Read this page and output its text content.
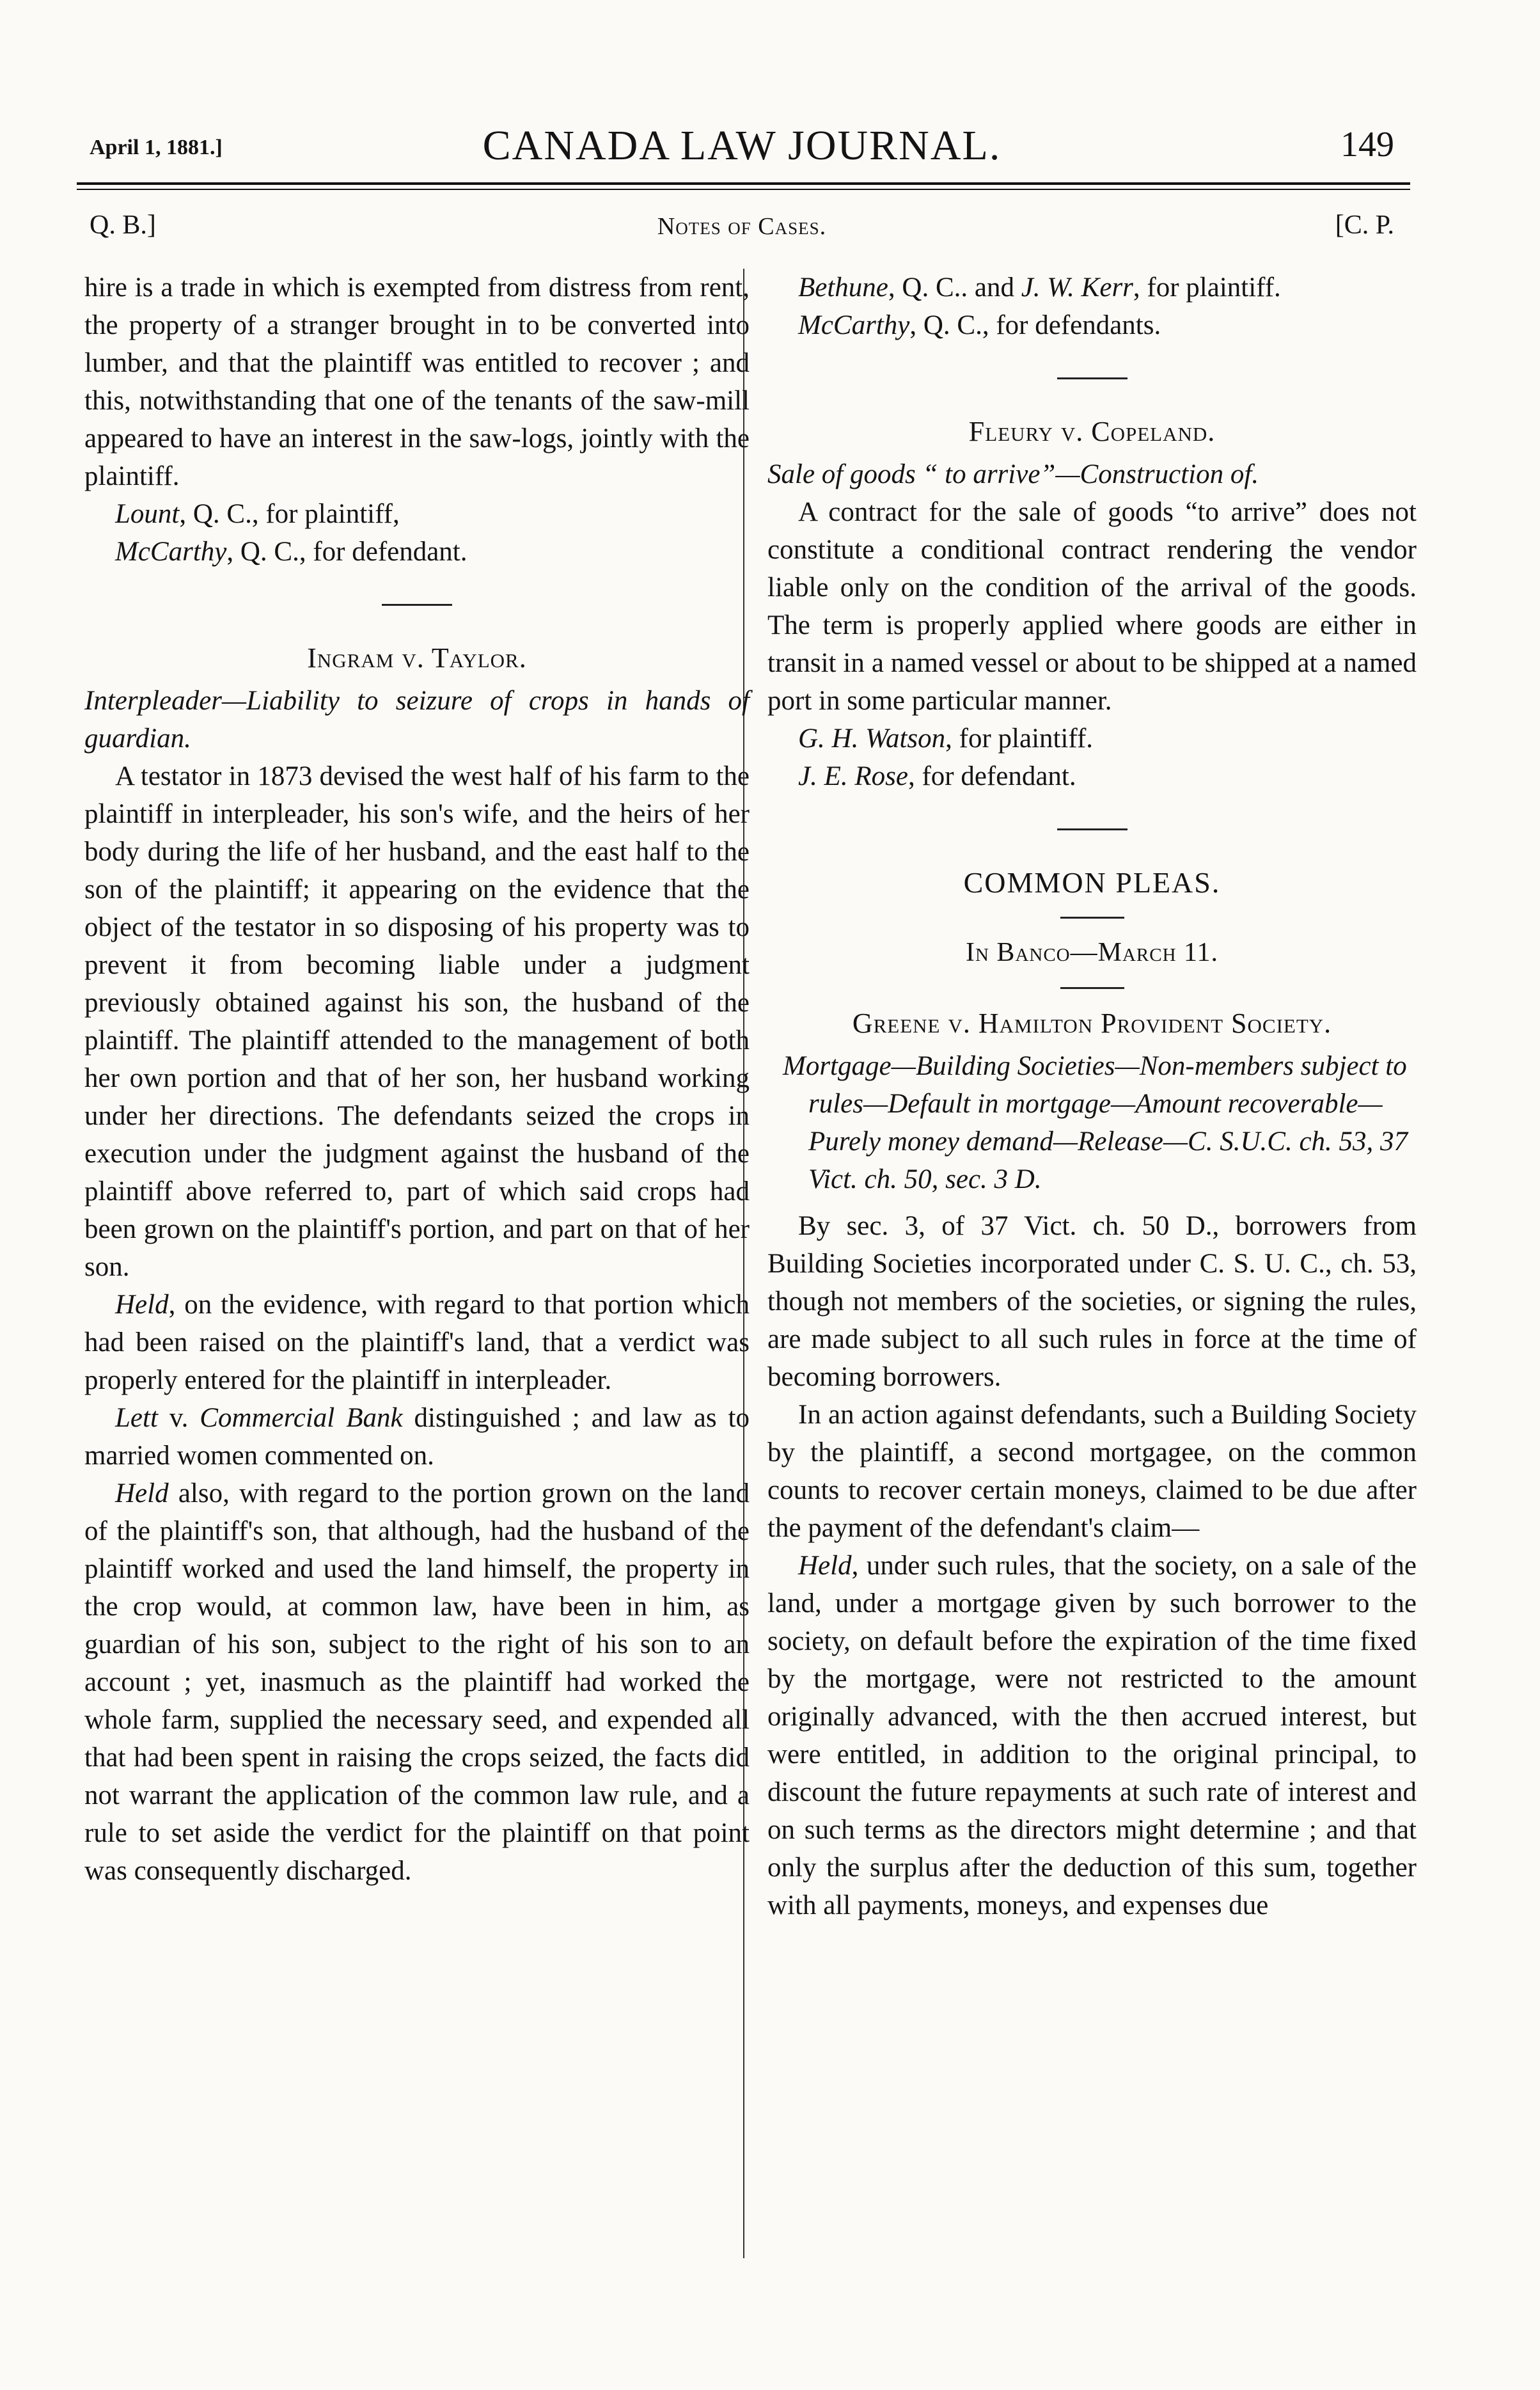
April 1, 1881.]	CANADA LAW JOURNAL.	149
Q. B.]	Notes of Cases.	[C. P.

hire is a trade in which is exempted from distress from rent, the property of a stranger brought in to be converted into lumber, and that the plaintiff was entitled to recover ; and this, notwithstanding that one of the tenants of the saw-mill appeared to have an interest in the saw-logs, jointly with the plaintiff.

Lount, Q. C., for plaintiff,

McCarthy, Q. C., for defendant.

Ingram v. Taylor.

Interpleader—Liability to seizure of crops in hands of guardian.

A testator in 1873 devised the west half of his farm to the plaintiff in interpleader, his son's wife, and the heirs of her body during the life of her husband, and the east half to the son of the plaintiff; it appearing on the evidence that the object of the testator in so disposing of his property was to prevent it from becoming liable under a judgment previously obtained against his son, the husband of the plaintiff. The plaintiff attended to the management of both her own portion and that of her son, her husband working under her directions. The defendants seized the crops in execution under the judgment against the husband of the plaintiff above referred to, part of which said crops had been grown on the plaintiff's portion, and part on that of her son.

Held, on the evidence, with regard to that portion which had been raised on the plaintiff's land, that a verdict was properly entered for the plaintiff in interpleader.

Lett v. Commercial Bank distinguished ; and law as to married women commented on.

Held also, with regard to the portion grown on the land of the plaintiff's son, that although, had the husband of the plaintiff worked and used the land himself, the property in the crop would, at common law, have been in him, as guardian of his son, subject to the right of his son to an account ; yet, inasmuch as the plaintiff had worked the whole farm, supplied the necessary seed, and expended all that had been spent in raising the crops seized, the facts did not warrant the application of the common law rule, and a rule to set aside the verdict for the plaintiff on that point was consequently discharged.

Bethune, Q. C.. and J. W. Kerr, for plaintiff.

McCarthy, Q. C., for defendants.

Fleury v. Copeland.

Sale of goods “ to arrive”—Construction of.

A contract for the sale of goods “to arrive” does not constitute a conditional contract rendering the vendor liable only on the condition of the arrival of the goods. The term is properly applied where goods are either in transit in a named vessel or about to be shipped at a named port in some particular manner.

G. H. Watson, for plaintiff.

J. E. Rose, for defendant.

COMMON PLEAS.
In Banco—March 11.
Greene v. Hamilton Provident Society.

Mortgage—Building Societies—Non-members subject to rules—Default in mortgage—Amount recoverable—Purely money demand—Release—C. S.U.C. ch. 53, 37 Vict. ch. 50, sec. 3 D.

By sec. 3, of 37 Vict. ch. 50 D., borrowers from Building Societies incorporated under C. S. U. C., ch. 53, though not members of the societies, or signing the rules, are made subject to all such rules in force at the time of becoming borrowers.

In an action against defendants, such a Building Society by the plaintiff, a second mortgagee, on the common counts to recover certain moneys, claimed to be due after the payment of the defendant's claim—

Held, under such rules, that the society, on a sale of the land, under a mortgage given by such borrower to the society, on default before the expiration of the time fixed by the mortgage, were not restricted to the amount originally advanced, with the then accrued interest, but were entitled, in addition to the original principal, to discount the future repayments at such rate of interest and on such terms as the directors might determine ; and that only the surplus after the deduction of this sum, together with all payments, moneys, and expenses due
